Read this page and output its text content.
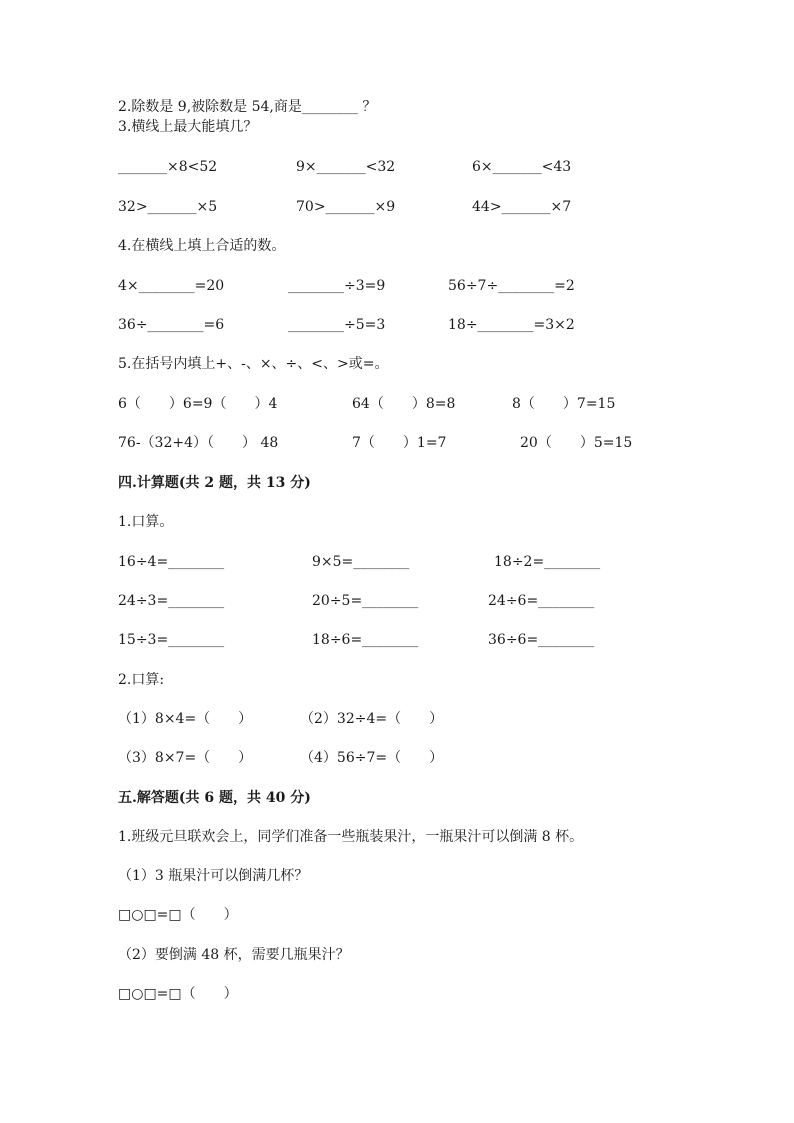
2.除数是 9,被除数是 54,商是________ ？
3.横线上最大能填几？
_______×8<52	9×_______<32	6×_______<43
32>_______×5	70>_______×9	44>_______×7
4.在横线上填上合适的数。
4×________=20	________÷3=9	56÷7÷________=2
36÷________=6	________÷5=3	18÷________=3×2
5.在括号内填上+、-、×、÷、<、>或=。
6（　　）6=9（　　）4	64（　　）8=8	8（　　）7=15
76-（32+4）（　　） 48	7（　　）1=7	20（　　）5=15
四.计算题(共 2 题，共 13 分)
1.口算。
16÷4=________	9×5=________	18÷2=________
24÷3=________	20÷5=________	24÷6=________
15÷3=________	18÷6=________	36÷6=________
2.口算:
（1）8×4=（　　）	（2）32÷4=（　　）
（3）8×7=（　　）	（4）56÷7=（　　）
五.解答题(共 6 题，共 40 分)
1.班级元旦联欢会上，同学们准备一些瓶装果汁，一瓶果汁可以倒满 8 杯。
（1）3 瓶果汁可以倒满几杯？
□○□=□（　　）
（2）要倒满 48 杯，需要几瓶果汁？
□○□=□（　　）
